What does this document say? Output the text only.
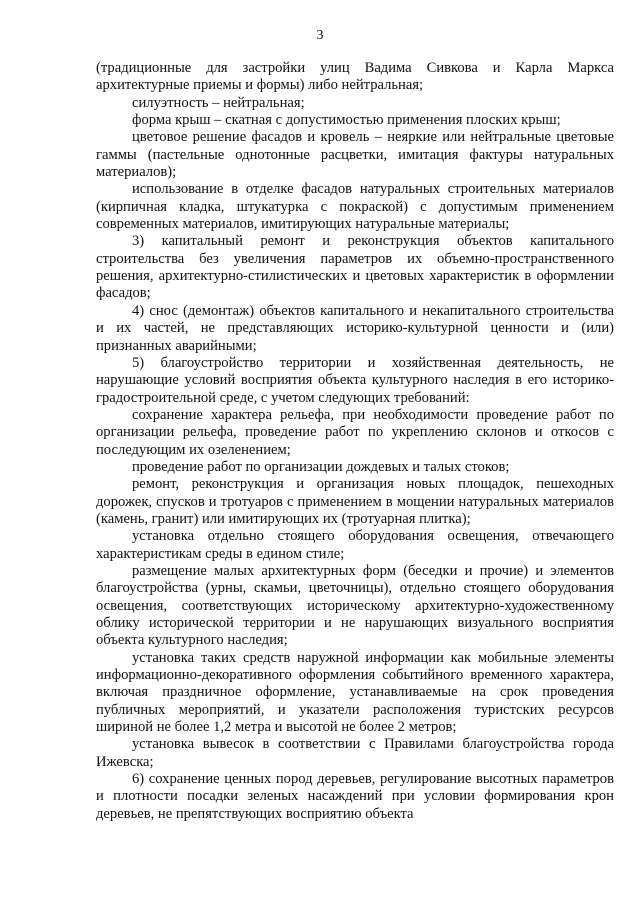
3

(традиционные для застройки улиц Вадима Сивкова и Карла Маркса архитектурные приемы и формы) либо нейтральная;

силуэтность – нейтральная;

форма крыш – скатная с допустимостью применения плоских крыш;

цветовое решение фасадов и кровель – неяркие или нейтральные цветовые гаммы (пастельные однотонные расцветки, имитация фактуры натуральных материалов);

использование в отделке фасадов натуральных строительных материалов (кирпичная кладка, штукатурка с покраской) с допустимым применением современных материалов, имитирующих натуральные материалы;

3) капитальный ремонт и реконструкция объектов капитального строительства без увеличения параметров их объемно-пространственного решения, архитектурно-стилистических и цветовых характеристик в оформлении фасадов;

4) снос (демонтаж) объектов капитального и некапитального строительства и их частей, не представляющих историко-культурной ценности и (или) признанных аварийными;

5) благоустройство территории и хозяйственная деятельность, не нарушающие условий восприятия объекта культурного наследия в его историко-градостроительной среде, с учетом следующих требований:

сохранение характера рельефа, при необходимости проведение работ по организации рельефа, проведение работ по укреплению склонов и откосов с последующим их озеленением;

проведение работ по организации дождевых и талых стоков;

ремонт, реконструкция и организация новых площадок, пешеходных дорожек, спусков и тротуаров с применением в мощении натуральных материалов (камень, гранит) или имитирующих их (тротуарная плитка);

установка отдельно стоящего оборудования освещения, отвечающего характеристикам среды в едином стиле;

размещение малых архитектурных форм (беседки и прочие) и элементов благоустройства (урны, скамьи, цветочницы), отдельно стоящего оборудования освещения, соответствующих историческому архитектурно-художественному облику исторической территории и не нарушающих визуального восприятия объекта культурного наследия;

установка таких средств наружной информации как мобильные элементы информационно-декоративного оформления событийного временного характера, включая праздничное оформление, устанавливаемые на срок проведения публичных мероприятий, и указатели расположения туристских ресурсов шириной не более 1,2 метра и высотой не более 2 метров;

установка вывесок в соответствии с Правилами благоустройства города Ижевска;

6) сохранение ценных пород деревьев, регулирование высотных параметров и плотности посадки зеленых насаждений при условии формирования крон деревьев, не препятствующих восприятию объекта
